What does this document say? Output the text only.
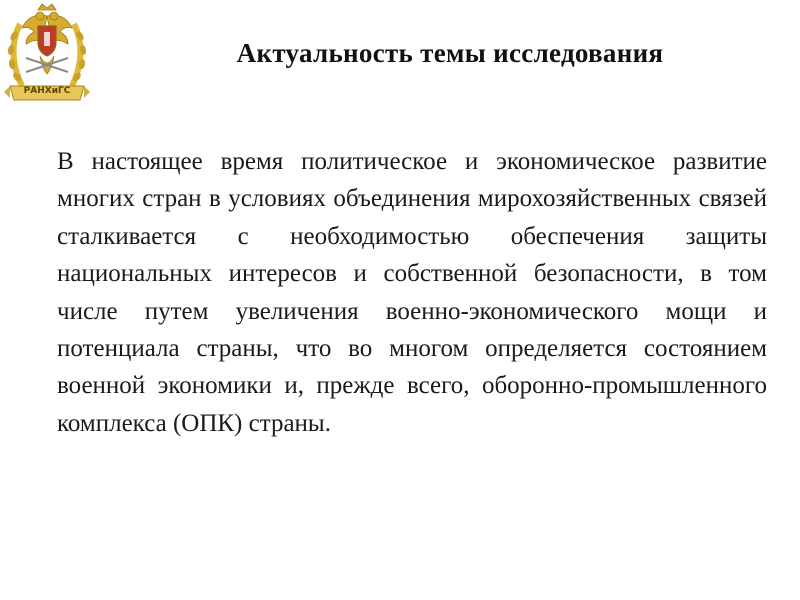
РАНХиГС
Актуальность темы исследования

В настоящее время политическое и экономическое развитие многих стран в условиях объединения мирохозяйственных связей сталкивается с необходимостью обеспечения защиты национальных интересов и собственной безопасности, в том числе путем увеличения военно-экономического мощи и потенциала страны, что во многом определяется состоянием военной экономики и, прежде всего, оборонно-промышленного комплекса (ОПК) страны.
